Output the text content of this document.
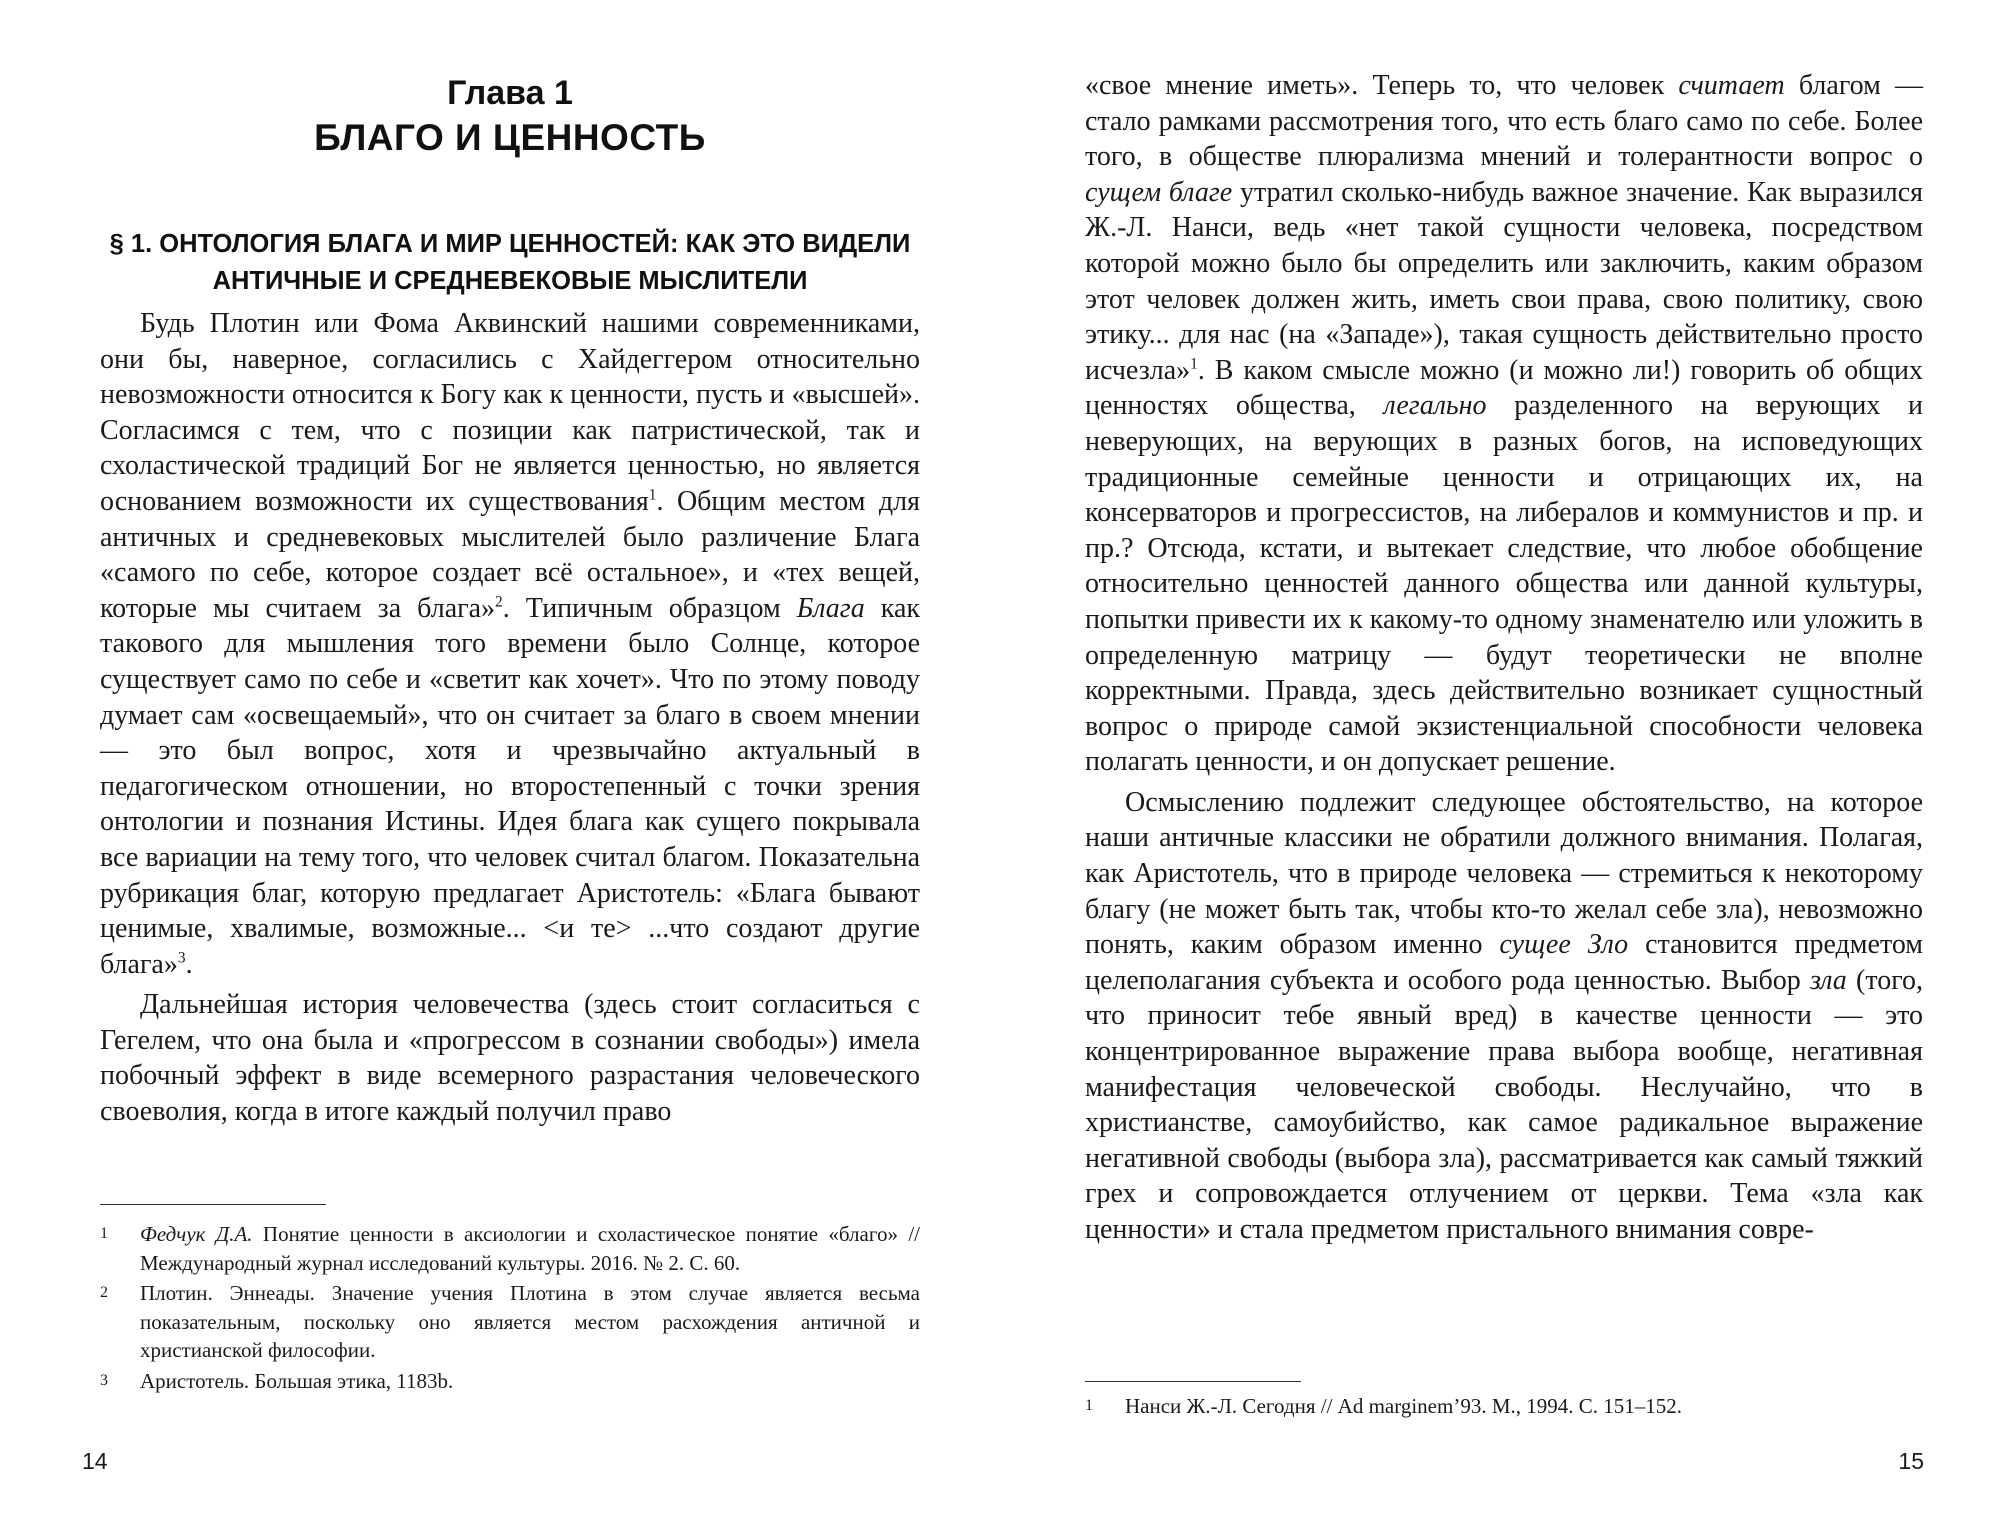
Глава 1
БЛАГО И ЦЕННОСТЬ
§ 1. ОНТОЛОГИЯ БЛАГА И МИР ЦЕННОСТЕЙ: КАК ЭТО ВИДЕЛИ
АНТИЧНЫЕ И СРЕДНЕВЕКОВЫЕ МЫСЛИТЕЛИ

Будь Плотин или Фома Аквинский нашими современниками, они бы, наверное, согласились с Хайдеггером относительно невозможности относится к Богу как к ценности, пусть и «высшей». Согласимся с тем, что с позиции как патристической, так и схоластической традиций Бог не является ценностью, но является основанием возможности их существования$^1$. Общим местом для античных и средневековых мыслителей было различение Блага «самого по себе, которое создает всё остальное», и «тех вещей, которые мы считаем за блага»$^2$. Типичным образцом Блага как такового для мышления того времени было Солнце, которое существует само по себе и «светит как хочет». Что по этому поводу думает сам «освещаемый», что он считает за благо в своем мнении — это был вопрос, хотя и чрезвычайно актуальный в педагогическом отношении, но второстепенный с точки зрения онтологии и познания Истины. Идея блага как сущего покрывала все вариации на тему того, что человек считал благом. Показательна рубрикация благ, которую предлагает Аристотель: «Блага бывают ценимые, хвалимые, возможные... <и те> ...что создают другие блага»$^3$.

Дальнейшая история человечества (здесь стоит согласиться с Гегелем, что она была и «прогрессом в сознании свободы») имела побочный эффект в виде всемерного разрастания человеческого своеволия, когда в итоге каждый получил право

1 Федчук Д.А. Понятие ценности в аксиологии и схоластическое понятие «благо» // Международный журнал исследований культуры. 2016. № 2. С. 60.
2 Плотин. Эннеады. Значение учения Плотина в этом случае является весьма показательным, поскольку оно является местом расхождения античной и христианской философии.
3 Аристотель. Большая этика, 1183b.
14

«свое мнение иметь». Теперь то, что человек считает благом — стало рамками рассмотрения того, что есть благо само по себе. Более того, в обществе плюрализма мнений и толерантности вопрос о сущем благе утратил сколько-нибудь важное значение. Как выразился Ж.-Л. Нанси, ведь «нет такой сущности человека, посредством которой можно было бы определить или заключить, каким образом этот человек должен жить, иметь свои права, свою политику, свою этику... для нас (на «Западе»), такая сущность действительно просто исчезла»$^1$. В каком смысле можно (и можно ли!) говорить об общих ценностях общества, легально разделенного на верующих и неверующих, на верующих в разных богов, на исповедующих традиционные семейные ценности и отрицающих их, на консерваторов и прогрессистов, на либералов и коммунистов и пр. и пр.? Отсюда, кстати, и вытекает следствие, что любое обобщение относительно ценностей данного общества или данной культуры, попытки привести их к какому-то одному знаменателю или уложить в определенную матрицу — будут теоретически не вполне корректными. Правда, здесь действительно возникает сущностный вопрос о природе самой экзистенциальной способности человека полагать ценности, и он допускает решение.

Осмыслению подлежит следующее обстоятельство, на которое наши античные классики не обратили должного внимания. Полагая, как Аристотель, что в природе человека — стремиться к некоторому благу (не может быть так, чтобы кто-то желал себе зла), невозможно понять, каким образом именно сущее Зло становится предметом целеполагания субъекта и особого рода ценностью. Выбор зла (того, что приносит тебе явный вред) в качестве ценности — это концентрированное выражение права выбора вообще, негативная манифестация человеческой свободы. Неслучайно, что в христианстве, самоубийство, как самое радикальное выражение негативной свободы (выбора зла), рассматривается как самый тяжкий грех и сопровождается отлучением от церкви. Тема «зла как ценности» и стала предметом пристального внимания совре-

1 Нанси Ж.-Л. Сегодня // Ad marginem’93. М., 1994. С. 151–152.
15
